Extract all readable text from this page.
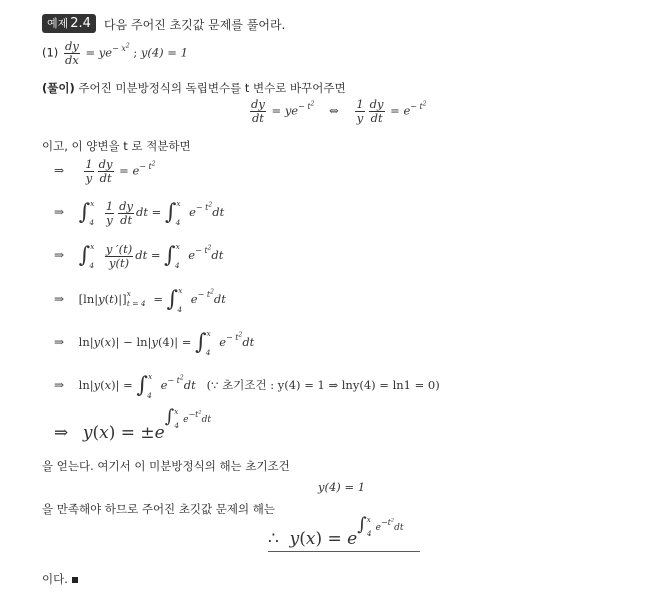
예제 2.4	다음 주어진 초깃값 문제를 풀어라.
$(1) \frac{dy}{dx} = ye^{- x^2}$ ; y(4) = 1
(풀이) 주어진 미분방정식의 독립변수를 t 변수로 바꾸어주면
$\frac{dy}{dt} = ye^{- t^2}$    ⇔ $\frac{1}{y} \frac{dy}{dt} = e^{- t^2}$
이고, 이 양변을 t 로 적분하면
⇒ $\frac{1}{y} \frac{dy}{dt} = e^{- t^2}$
⇒ $\int^x_4 \frac{1}{y} \frac{dy}{dt}$ dt = ∫$^x_4$ $e^{- t^2}dt$
⇒ $\int^x_4 \frac{y '(t)}{y(t)}$ dt = ∫$^x_4$ $e^{- t^2}dt$
⇒    $[\ln|y(t)|]^x_{t = 4} = \int^x_4$ $e^{- t^2}dt$
⇒    ln|y(x)| − ln|y(4)| = ∫$^x_4$ $e^{- t^2}dt$
⇒    ln|y(x)| = ∫$^x_4$ $e^{- t^2}dt$ (∵ 초기조건 : y(4) = 1 ⇒ lny(4) = ln1 = 0)
⇒ $y(x) = \pm e^{\int^x_4e-t^2dt}$
을 얻는다. 여기서 이 미분방정식의 해는 초기조건
y(4) = 1
을 만족해야 하므로 주어진 초깃값 문제의 해는
∴  $y(x) = e^{\int^x_4e-t^2dt}$
이다.
